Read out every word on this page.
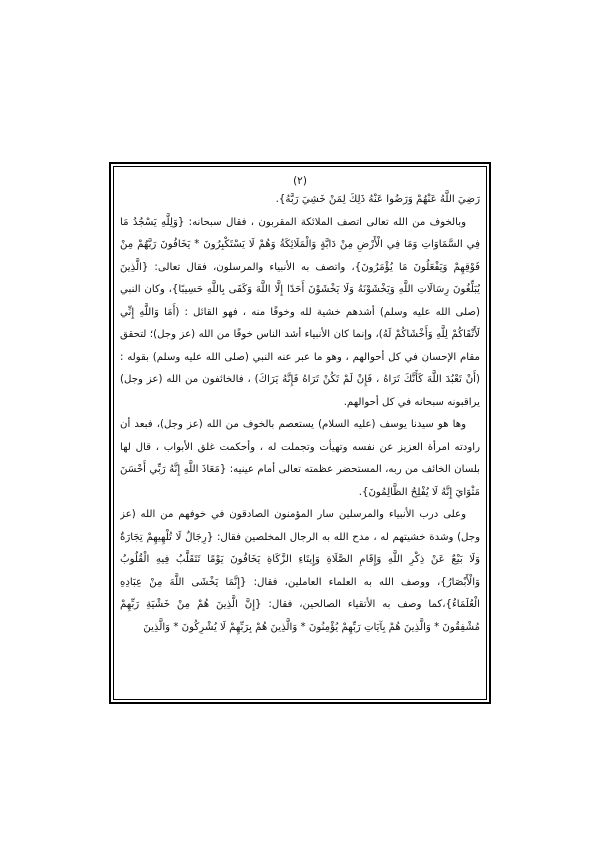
(٢)

رَضِيَ اللَّهُ عَنْهُمْ وَرَضُوا عَنْهُ ذَلِكَ لِمَنْ خَشِيَ رَبَّهُ}.

وبالخوف من الله تعالى اتصف الملائكة المقربون ، فقال سبحانه: {وَلِلَّهِ يَسْجُدُ مَا فِي السَّمَاوَاتِ وَمَا فِي الْأَرْضِ مِنْ دَابَّةٍ وَالْمَلَائِكَةُ وَهُمْ لَا يَسْتَكْبِرُونَ * يَخَافُونَ رَبَّهُمْ مِنْ فَوْقِهِمْ وَيَفْعَلُونَ مَا يُؤْمَرُونَ}، واتصف به الأنبياء والمرسلون، فقال تعالى: {الَّذِينَ يُبَلِّغُونَ رِسَالَاتِ اللَّهِ وَيَخْشَوْنَهُ وَلَا يَخْشَوْنَ أَحَدًا إِلَّا اللَّهَ وَكَفَى بِاللَّهِ حَسِيبًا}، وكان النبي (صلى الله عليه وسلم) أشدهم خشية لله وخوفًا منه ، فهو القائل : (أَمَا وَاللَّهِ إِنِّي لَأَتْقَاكُمْ لِلَّهِ وَأَخْشَاكُمْ لَهُ)، وإنما كان الأنبياء أشد الناس خوفًا من الله (عز وجل)؛ لتحقق مقام الإحسان في كل أحوالهم ، وهو ما عبر عنه النبي (صلى الله عليه وسلم) بقوله : (أَنْ تَعْبُدَ اللَّهَ كَأَنَّكَ تَرَاهُ ، فَإِنْ لَمْ تَكُنْ تَرَاهُ فَإِنَّهُ يَرَاكَ) ، فالخائفون من الله (عز وجل) يراقبونه سبحانه في كل أحوالهم.

وها هو سيدنا يوسف (عليه السلام) يستعصم بالخوف من الله (عز وجل)، فبعد أن راودته امرأة العزيز عن نفسه وتهيأت وتجملت له ، وأحكمت غلق الأبواب ، قال لها بلسان الخائف من ربه، المستحضر عظمته تعالى أمام عينيه: {مَعَاذَ اللَّهِ إِنَّهُ رَبِّي أَحْسَنَ مَثْوَايَ إِنَّهُ لَا يُفْلِحُ الظَّالِمُونَ}.

وعلى درب الأنبياء والمرسلين سار المؤمنون الصادقون في خوفهم من الله (عز وجل) وشدة خشيتهم له ، مدح الله به الرجال المخلصين فقال: {رِجَالٌ لَا تُلْهِيهِمْ تِجَارَةٌ وَلَا بَيْعٌ عَنْ ذِكْرِ اللَّهِ وَإِقَامِ الصَّلَاةِ وَإِيتَاءِ الزَّكَاةِ يَخَافُونَ يَوْمًا تَتَقَلَّبُ فِيهِ الْقُلُوبُ وَالْأَبْصَارُ}، ووصف الله به العلماء العاملين، فقال: {إِنَّمَا يَخْشَى اللَّهَ مِنْ عِبَادِهِ الْعُلَمَاءُ}،كما وصف به الأتقياء الصالحين، فقال: {إِنَّ الَّذِينَ هُمْ مِنْ خَشْيَةِ رَبِّهِمْ مُشْفِقُونَ * وَالَّذِينَ هُمْ بِآيَاتِ رَبِّهِمْ يُؤْمِنُونَ * وَالَّذِينَ هُمْ بِرَبِّهِمْ لَا يُشْرِكُونَ * وَالَّذِينَ
